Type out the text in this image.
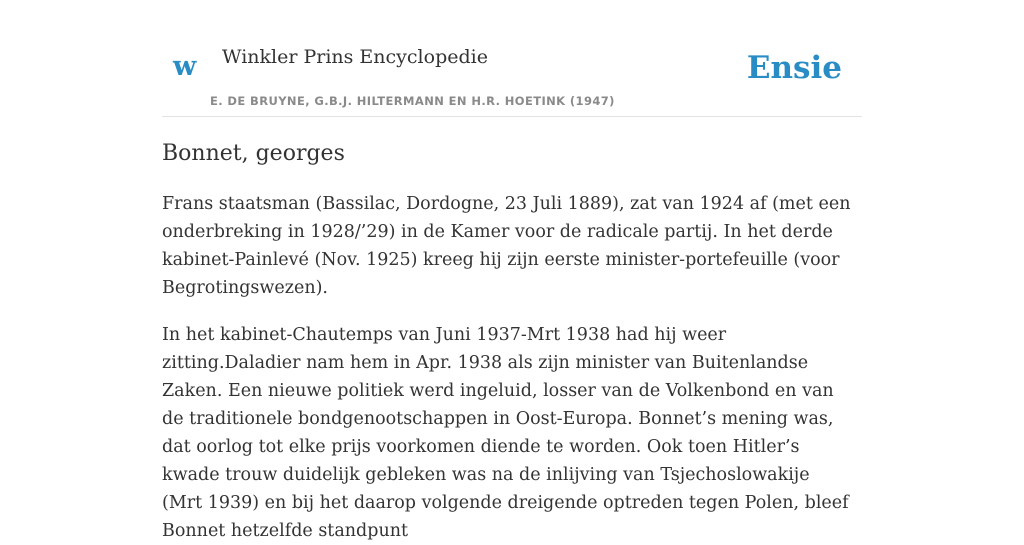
w	Winkler Prins Encyclopedie
E. DE BRUYNE, G.B.J. HILTERMANN EN H.R. HOETINK (1947)
Ensie
Bonnet, georges

Frans staatsman (Bassilac, Dordogne, 23 Juli 1889), zat van 1924 af (met een onderbreking in 1928/’29) in de Kamer voor de radicale partij. In het derde kabinet-Painlevé (Nov. 1925) kreeg hij zijn eerste minister-portefeuille (voor Begrotingswezen).

In het kabinet-Chautemps van Juni 1937-Mrt 1938 had hij weer zitting.Daladier nam hem in Apr. 1938 als zijn minister van Buitenlandse Zaken. Een nieuwe politiek werd ingeluid, losser van de Volkenbond en van de traditionele bondgenootschappen in Oost-Europa. Bonnet’s mening was, dat oorlog tot elke prijs voorkomen diende te worden. Ook toen Hitler’s kwade trouw duidelijk gebleken was na de inlijving van Tsjechoslowakije (Mrt 1939) en bij het daarop volgende dreigende optreden tegen Polen, bleef Bonnet hetzelfde standpunt
